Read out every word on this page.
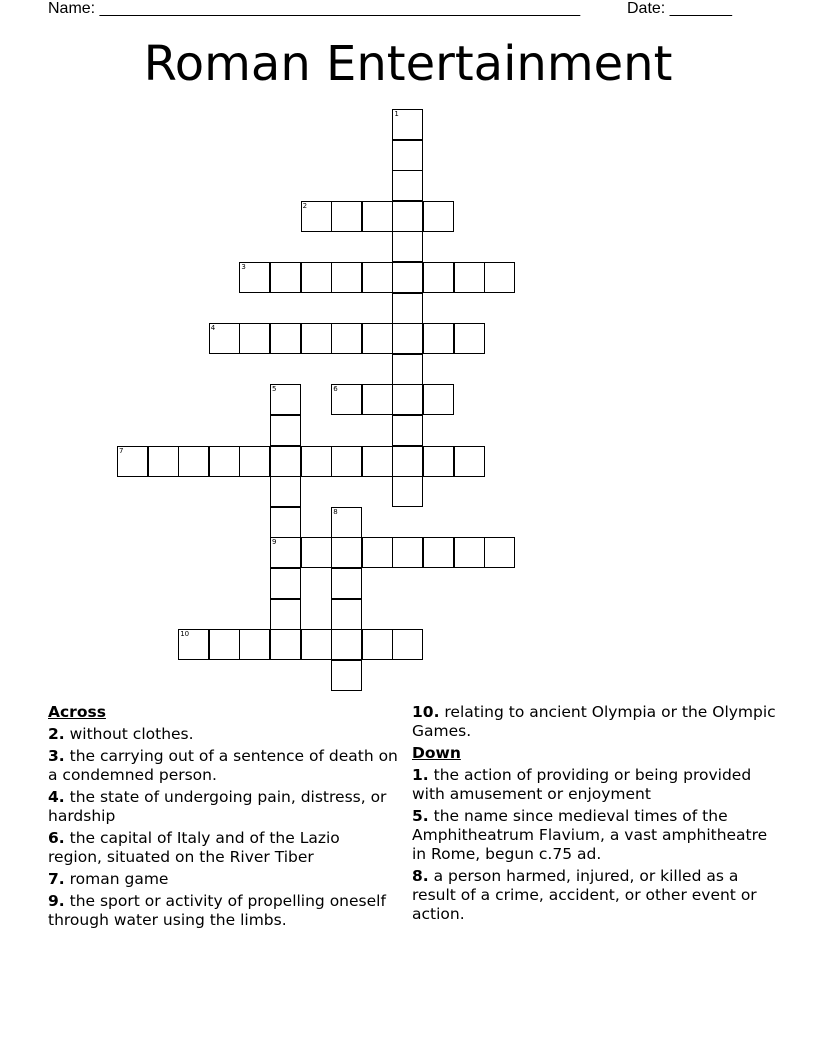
Name: ______________________________________________________	Date: _______
Roman Entertainment
1
2
3
4
5
9
6
7
8
10
Across
2. without clothes.
3. the carrying out of a sentence of death on a condemned person.
4. the state of undergoing pain, distress, or hardship
6. the capital of Italy and of the Lazio region, situated on the River Tiber
7. roman game
9. the sport or activity of propelling oneself through water using the limbs.
10. relating to ancient Olympia or the Olympic Games.
Down
1. the action of providing or being provided with amusement or enjoyment
5. the name since medieval times of the Amphitheatrum Flavium, a vast amphitheatre in Rome, begun c.75 ad.
8. a person harmed, injured, or killed as a result of a crime, accident, or other event or action.
